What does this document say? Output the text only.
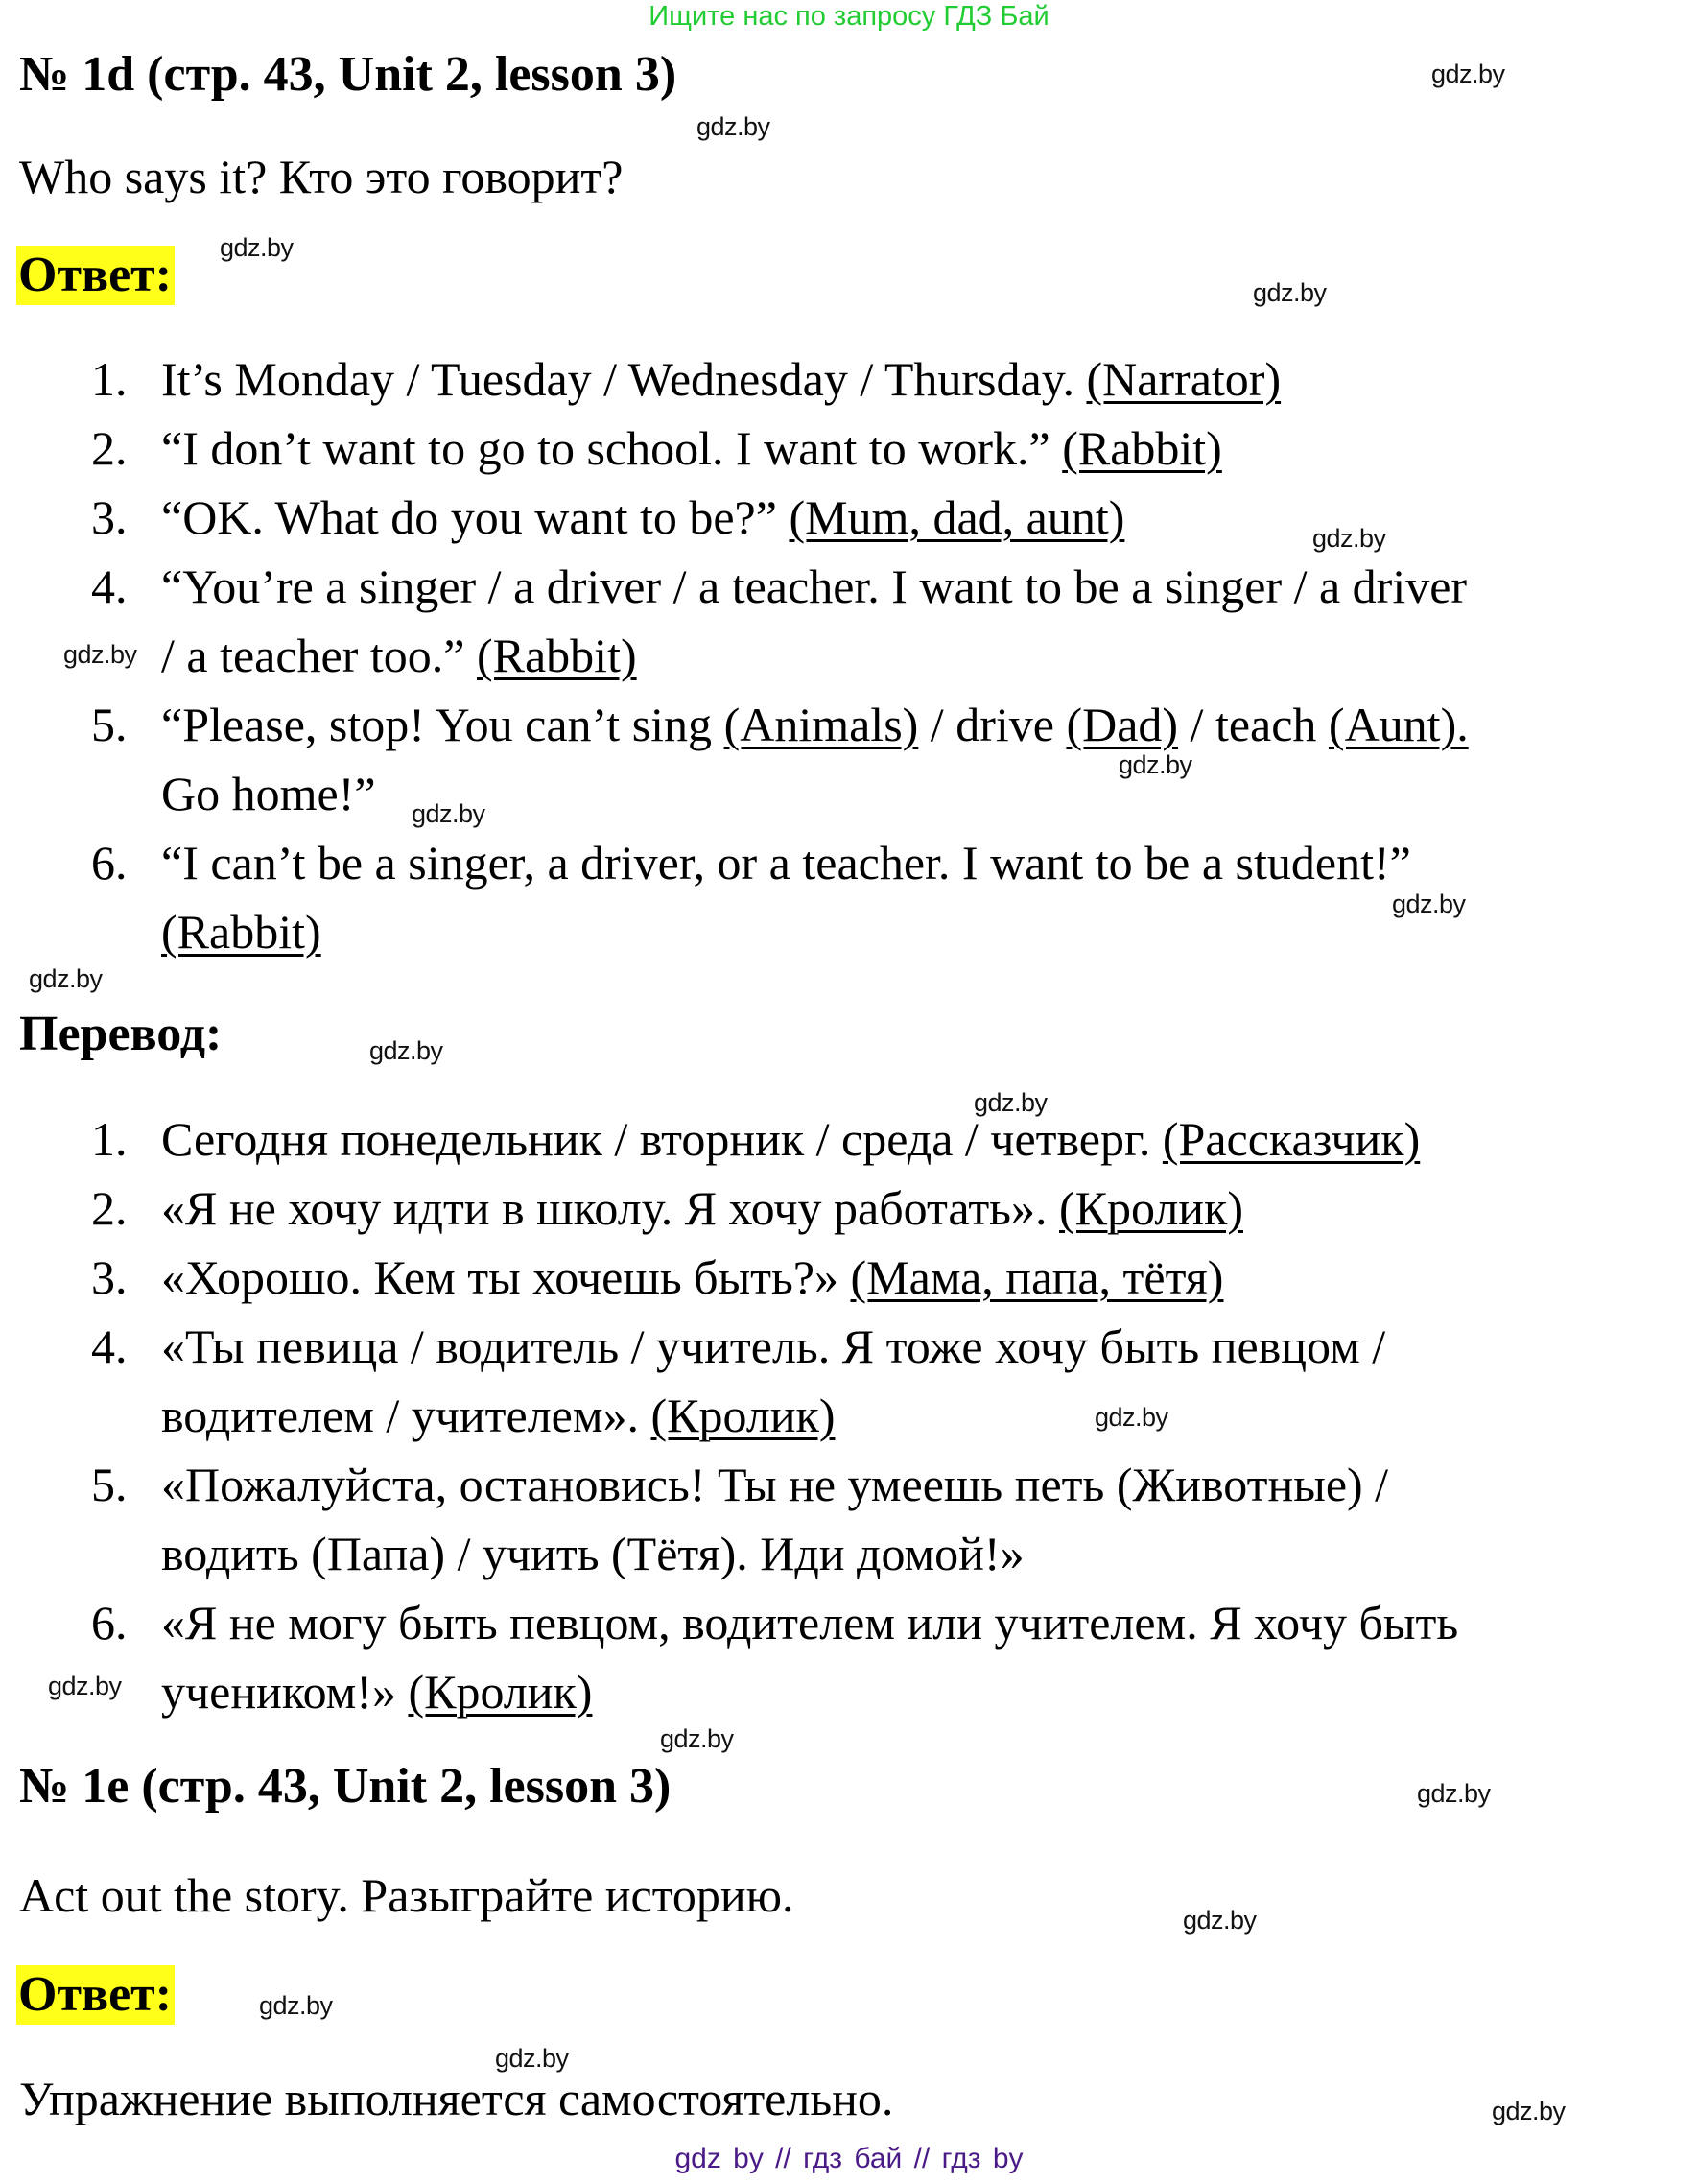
Ищите нас по запросу ГДЗ Бай
№ 1d (стр. 43, Unit 2, lesson 3)	gdz.by
gdz.by
Who says it? Кто это говорит?
Ответ: gdz.by
gdz.by
1. It’s Monday / Tuesday / Wednesday / Thursday. (Narrator)
2. “I don’t want to go to school. I want to work.” (Rabbit)
3. “OK. What do you want to be?” (Mum, dad, aunt)	gdz.by
4. “You’re a singer / a driver / a teacher. I want to be a singer / a driver
gdz.by / a teacher too.” (Rabbit)
5. “Please, stop! You can’t sing (Animals) / drive (Dad) / teach (Aunt).
gdz.by
Go home!” gdz.by
6. “I can’t be a singer, a driver, or a teacher. I want to be a student!”
gdz.by
(Rabbit)
gdz.by
Перевод:	gdz.by
gdz.by
1. Сегодня понедельник / вторник / среда / четверг. (Рассказчик)
2. «Я не хочу идти в школу. Я хочу работать». (Кролик)
3. «Хорошо. Кем ты хочешь быть?» (Мама, папа, тётя)
4. «Ты певица / водитель / учитель. Я тоже хочу быть певцом /
водителем / учителем». (Кролик)	gdz.by
5. «Пожалуйста, остановись! Ты не умеешь петь (Животные) /
водить (Папа) / учить (Тётя). Иди домой!»
6. «Я не могу быть певцом, водителем или учителем. Я хочу быть
gdz.by учеником!» (Кролик)
gdz.by
№ 1e (стр. 43, Unit 2, lesson 3)	gdz.by
Act out the story. Разыграйте историю.	gdz.by
Ответ:	gdz.by
gdz.by
Упражнение выполняется самостоятельно.	gdz.by
gdz by // гдз бай // гдз by
